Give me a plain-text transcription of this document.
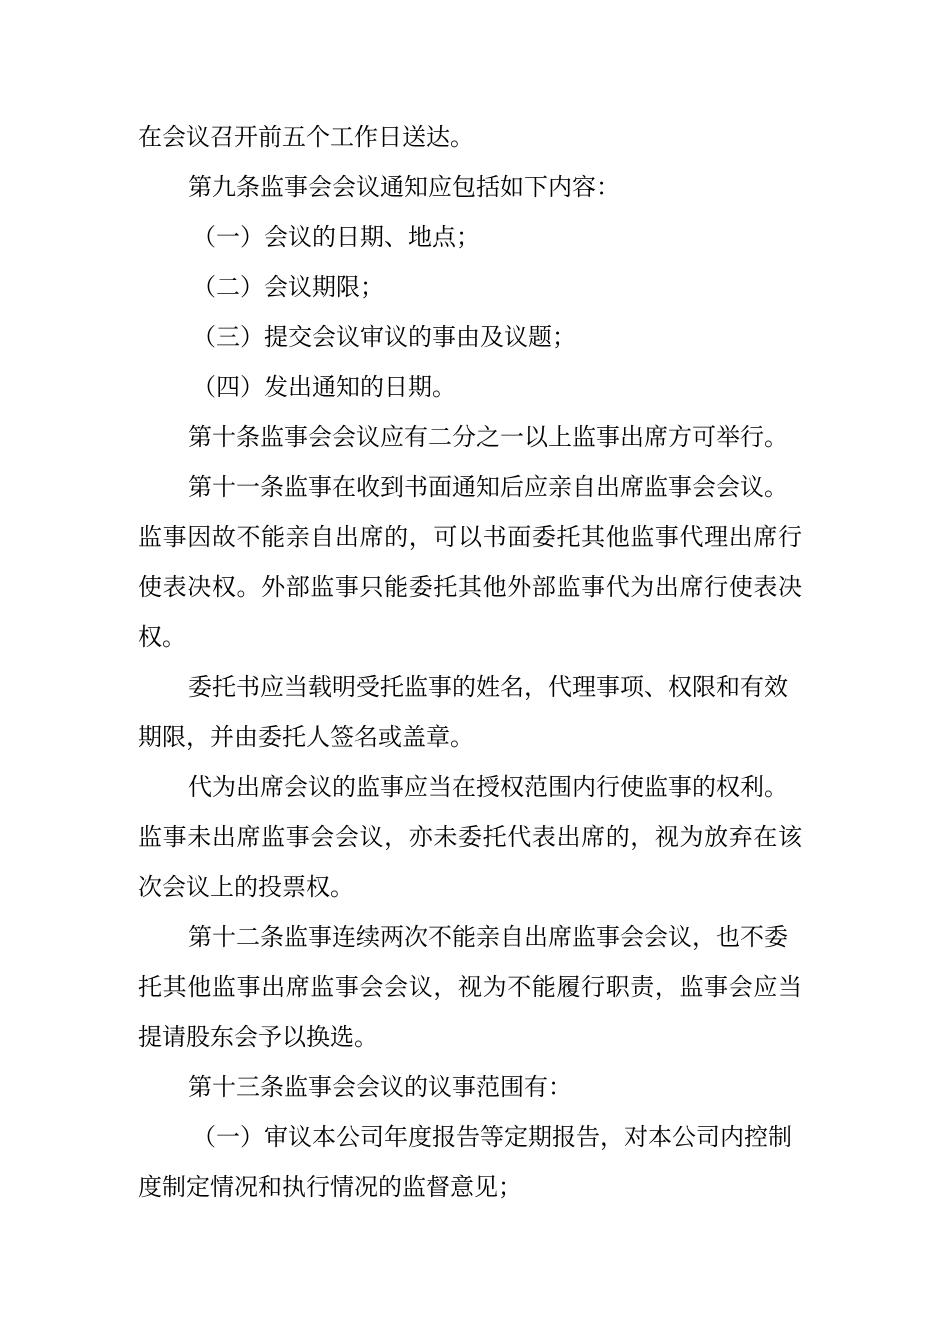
在会议召开前五个工作日送达。
第九条监事会会议通知应包括如下内容：
（一）会议的日期、地点；
（二）会议期限；
（三）提交会议审议的事由及议题；
（四）发出通知的日期。
第十条监事会会议应有二分之一以上监事出席方可举行。
第十一条监事在收到书面通知后应亲自出席监事会会议。
监事因故不能亲自出席的，可以书面委托其他监事代理出席行
使表决权。外部监事只能委托其他外部监事代为出席行使表决
权。
委托书应当载明受托监事的姓名，代理事项、权限和有效
期限，并由委托人签名或盖章。
代为出席会议的监事应当在授权范围内行使监事的权利。
监事未出席监事会会议，亦未委托代表出席的，视为放弃在该
次会议上的投票权。
第十二条监事连续两次不能亲自出席监事会会议，也不委
托其他监事出席监事会会议，视为不能履行职责，监事会应当
提请股东会予以换选。
第十三条监事会会议的议事范围有：
（一）审议本公司年度报告等定期报告，对本公司内控制
度制定情况和执行情况的监督意见；
